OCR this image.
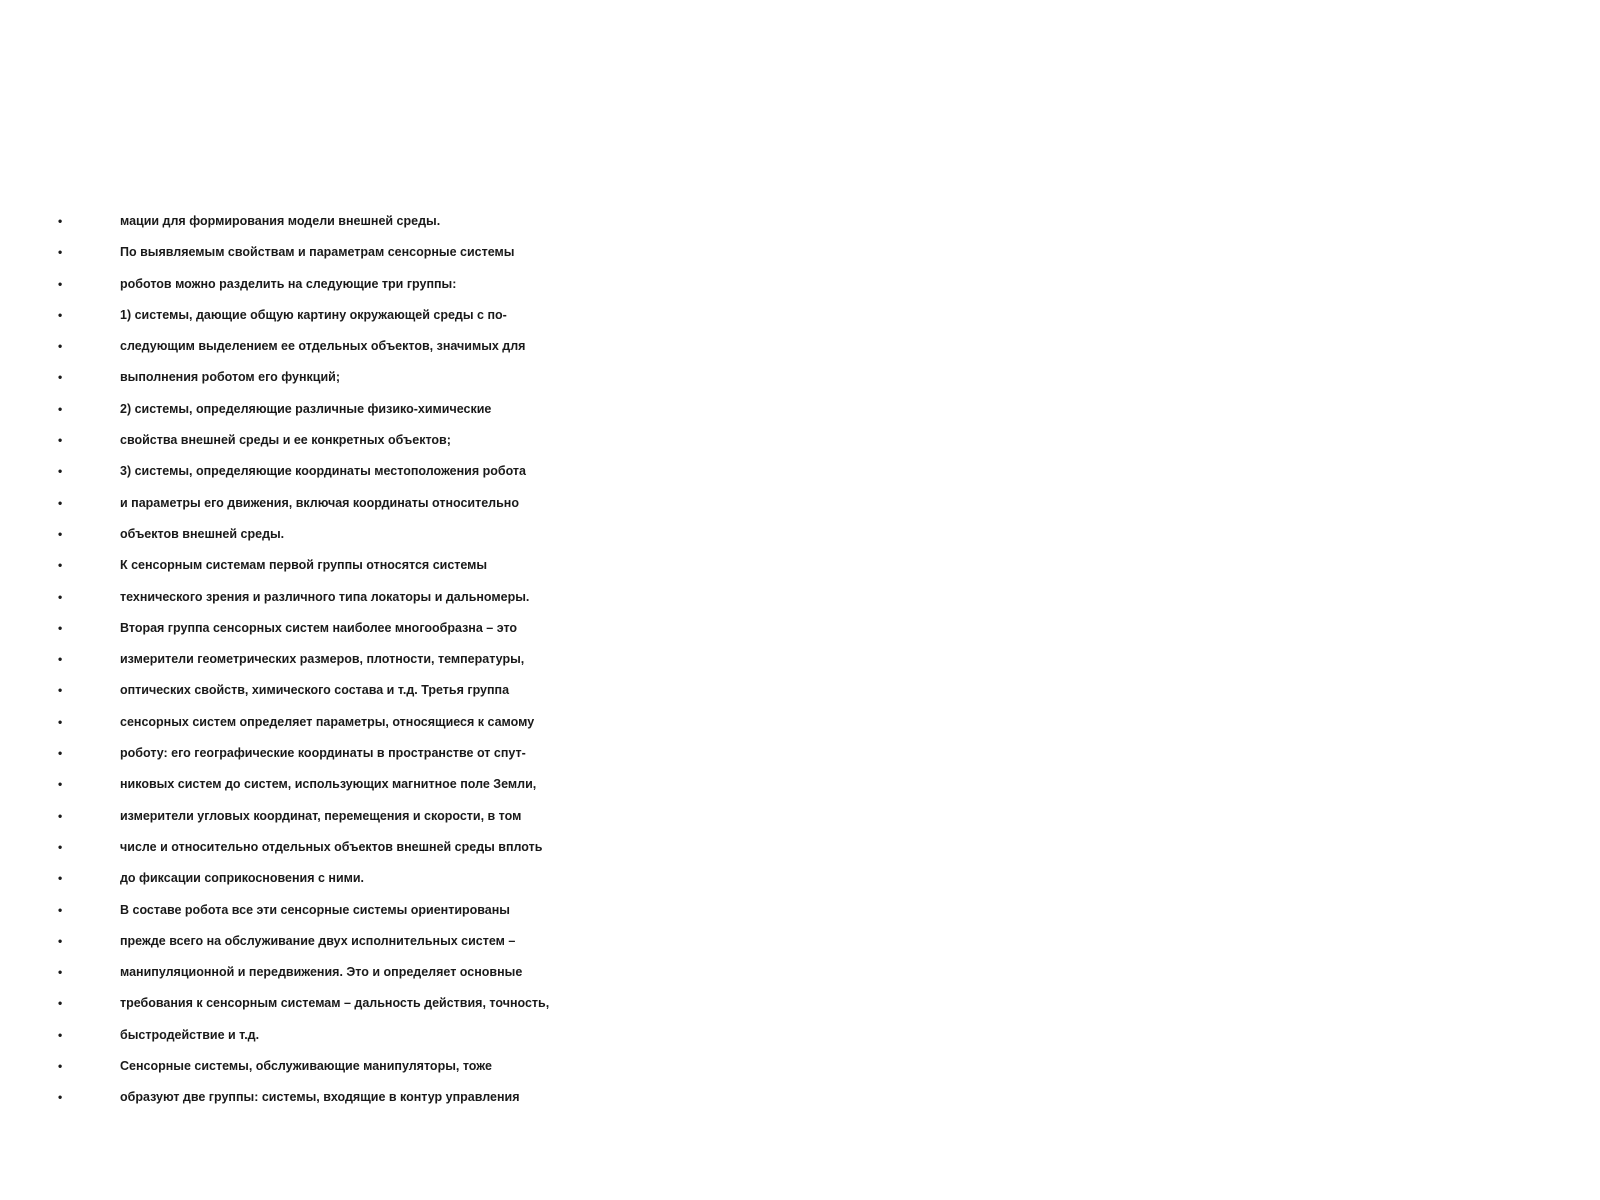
•	мации для формирования модели внешней среды.
•	По выявляемым свойствам и параметрам сенсорные системы
•	роботов можно разделить на следующие три группы:
•	1) системы, дающие общую картину окружающей среды с по-
•	следующим выделением ее отдельных объектов, значимых для
•	выполнения роботом его функций;
•	2) системы, определяющие различные физико-химические
•	свойства внешней среды и ее конкретных объектов;
•	3) системы, определяющие координаты местоположения робота
•	и параметры его движения, включая координаты относительно
•	объектов внешней среды.
•	К сенсорным системам первой группы относятся системы
•	технического зрения и различного типа локаторы и дальномеры.
•	Вторая группа сенсорных систем наиболее многообразна – это
•	измерители геометрических размеров, плотности, температуры,
•	оптических свойств, химического состава и т.д. Третья группа
•	сенсорных систем определяет параметры, относящиеся к самому
•	роботу: его географические координаты в пространстве от спут-
•	никовых систем до систем, использующих магнитное поле Земли,
•	измерители угловых координат, перемещения и скорости, в том
•	числе и относительно отдельных объектов внешней среды вплоть
•	до фиксации соприкосновения с ними.
•	В составе робота все эти сенсорные системы ориентированы
•	прежде всего на обслуживание двух исполнительных систем –
•	манипуляционной и передвижения. Это и определяет основные
•	требования к сенсорным системам – дальность действия, точность,
•	быстродействие и т.д.
•	Сенсорные системы, обслуживающие манипуляторы, тоже
•	образуют две группы: системы, входящие в контур управления
